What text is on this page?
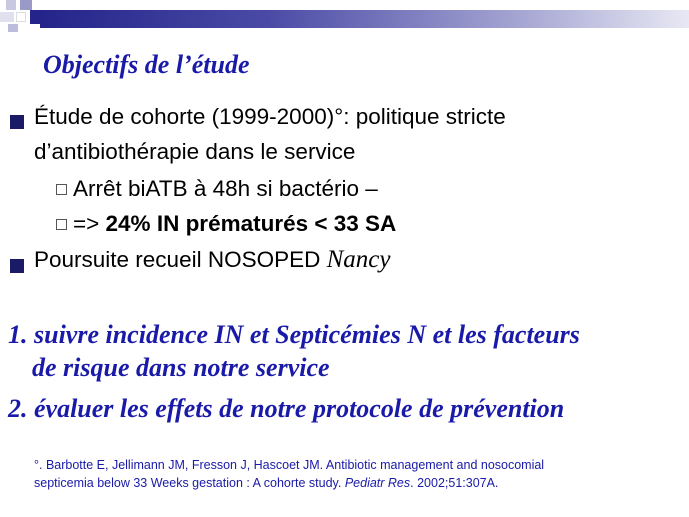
Objectifs de l’étude
Étude de cohorte (1999-2000)°: politique stricte
d’antibiothérapie dans le service
Arrêt biATB à 48h si bactério –
=> 24% IN prématurés < 33 SA
Poursuite recueil NOSOPED Nancy

1. suivre incidence IN et Septicémies N et les facteurs

de risque dans notre service

2. évaluer les effets de notre protocole de prévention

°. Barbotte E, Jellimann JM, Fresson J, Hascoet JM. Antibiotic management and nosocomial
septicemia below 33 Weeks gestation : A cohorte study. Pediatr Res. 2002;51:307A.
